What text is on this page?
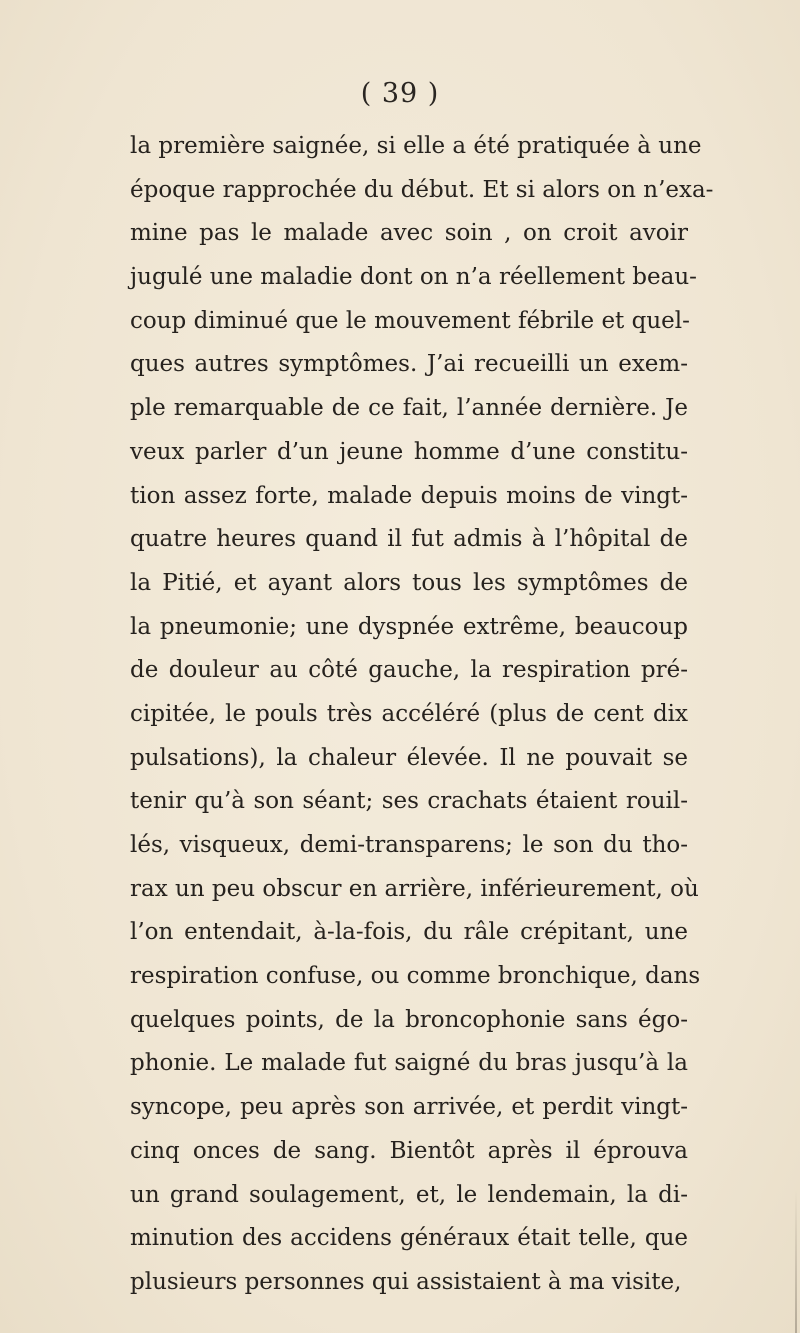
( 39 )
la première saignée, si elle a été pratiquée à une
époque rapprochée du début. Et si alors on n’exa-
mine pas le malade avec soin , on croit avoir
jugulé une maladie dont on n’a réellement beau-
coup diminué que le mouvement fébrile et quel-
ques autres symptômes. J’ai recueilli un exem-
ple remarquable de ce fait, l’année dernière. Je
veux parler d’un jeune homme d’une constitu-
tion assez forte, malade depuis moins de vingt-
quatre heures quand il fut admis à l’hôpital de
la Pitié, et ayant alors tous les symptômes de
la pneumonie; une dyspnée extrême, beaucoup
de douleur au côté gauche, la respiration pré-
cipitée, le pouls très accéléré (plus de cent dix
pulsations), la chaleur élevée. Il ne pouvait se
tenir qu’à son séant; ses crachats étaient rouil-
lés, visqueux, demi-transparens; le son du tho-
rax un peu obscur en arrière, inférieurement, où
l’on entendait, à-la-fois, du râle crépitant, une
respiration confuse, ou comme bronchique, dans
quelques points, de la broncophonie sans égo-
phonie. Le malade fut saigné du bras jusqu’à la
syncope, peu après son arrivée, et perdit vingt-
cinq onces de sang. Bientôt après il éprouva
un grand soulagement, et, le lendemain, la di-
minution des accidens généraux était telle, que
plusieurs personnes qui assistaient à ma visite,
